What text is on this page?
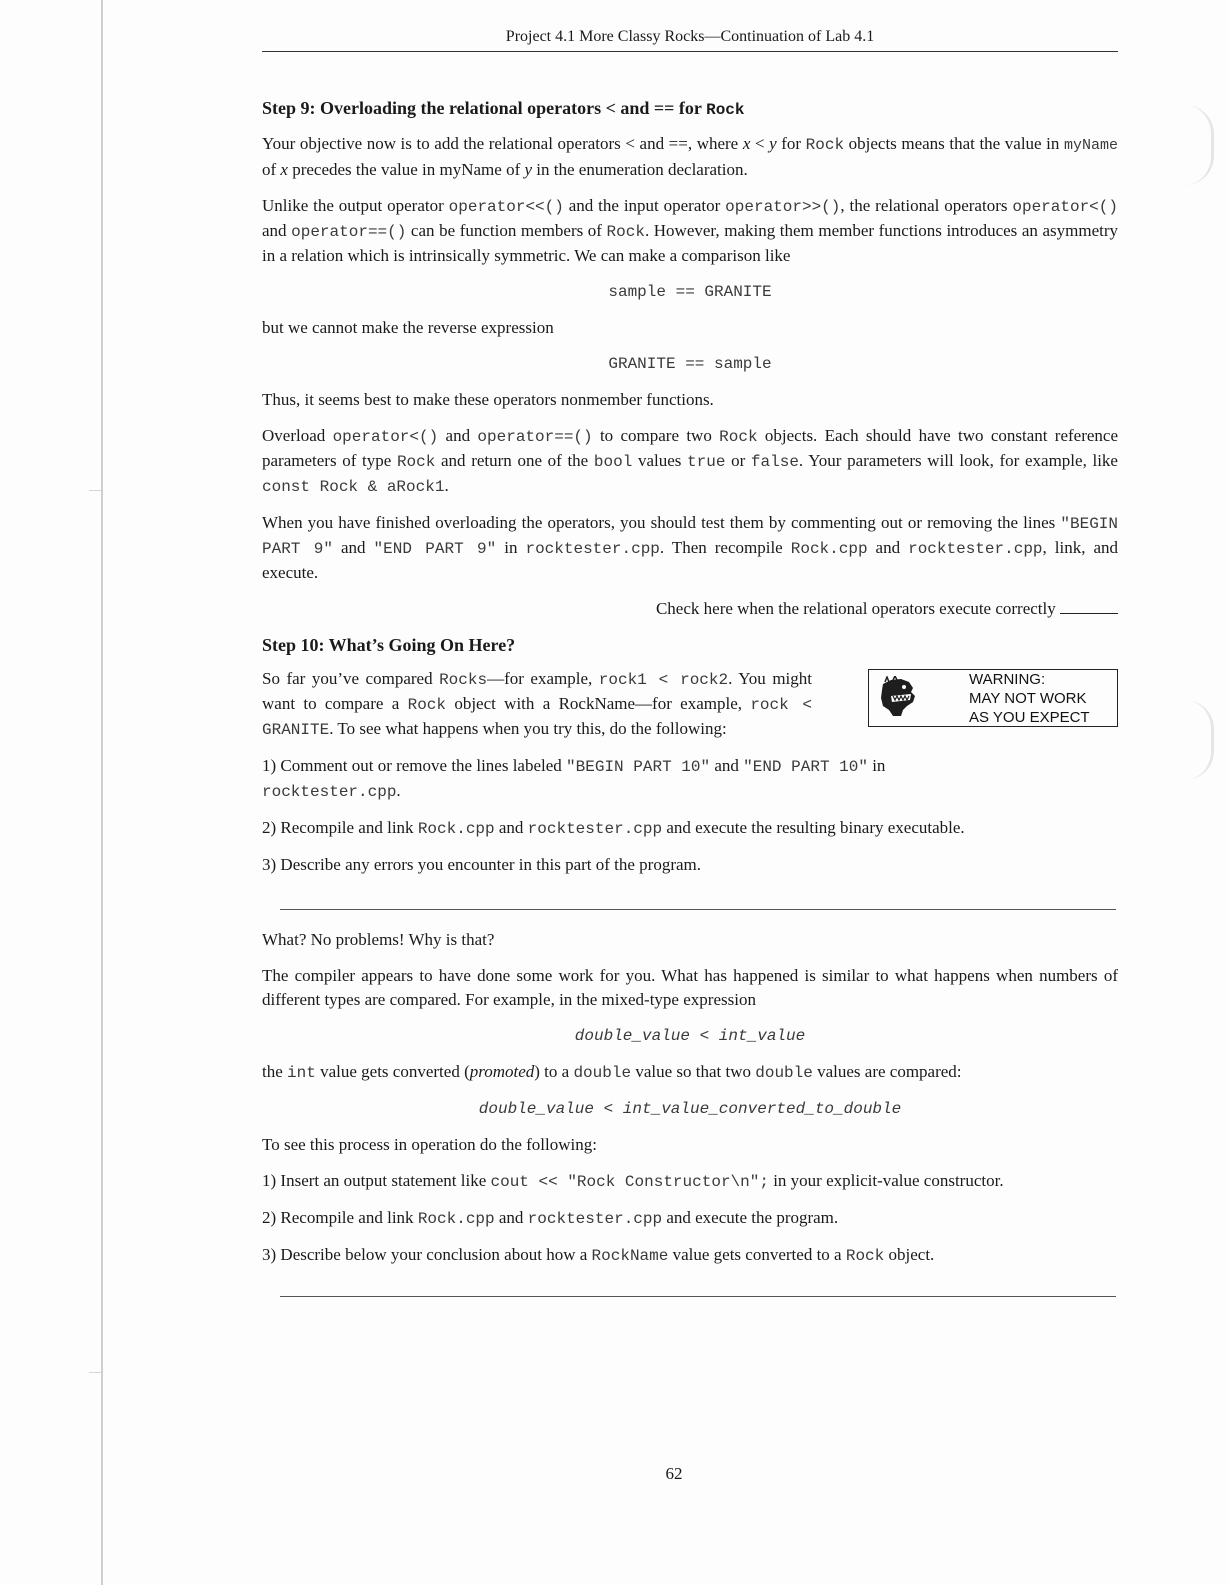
Project 4.1 More Classy Rocks—Continuation of Lab 4.1
Step 9: Overloading the relational operators < and == for Rock

Your objective now is to add the relational operators < and ==, where x < y for Rock objects means that the value in myName of x precedes the value in myName of y in the enumeration declaration.

Unlike the output operator operator<<() and the input operator operator>>(), the relational operators operator<() and operator==() can be function members of Rock. However, making them member functions introduces an asymmetry in a relation which is intrinsically symmetric. We can make a comparison like

sample == GRANITE

but we cannot make the reverse expression

GRANITE == sample

Thus, it seems best to make these operators nonmember functions.

Overload operator<() and operator==() to compare two Rock objects. Each should have two constant reference parameters of type Rock and return one of the bool values true or false. Your parameters will look, for example, like const Rock & aRock1.

When you have finished overloading the operators, you should test them by commenting out or removing the lines "BEGIN PART 9" and "END PART 9" in rocktester.cpp. Then recompile Rock.cpp and rocktester.cpp, link, and execute.

Check here when the relational operators execute correctly
Step 10: What’s Going On Here?

So far you’ve compared Rocks—for example, rock1 < rock2. You might want to compare a Rock object with a RockName—for example, rock < GRANITE. To see what happens when you try this, do the following:

WARNING:
MAY NOT WORK
AS YOU EXPECT

1) Comment out or remove the lines labeled "BEGIN PART 10" and "END PART 10" in
rocktester.cpp.

2) Recompile and link Rock.cpp and rocktester.cpp and execute the resulting binary executable.

3) Describe any errors you encounter in this part of the program.

What? No problems! Why is that?

The compiler appears to have done some work for you. What has happened is similar to what happens when numbers of different types are compared. For example, in the mixed-type expression

double_value < int_value

the int value gets converted (promoted) to a double value so that two double values are compared:

double_value < int_value_converted_to_double

To see this process in operation do the following:

1) Insert an output statement like cout << "Rock Constructor\n"; in your explicit-value constructor.

2) Recompile and link Rock.cpp and rocktester.cpp and execute the program.

3) Describe below your conclusion about how a RockName value gets converted to a Rock object.

62
